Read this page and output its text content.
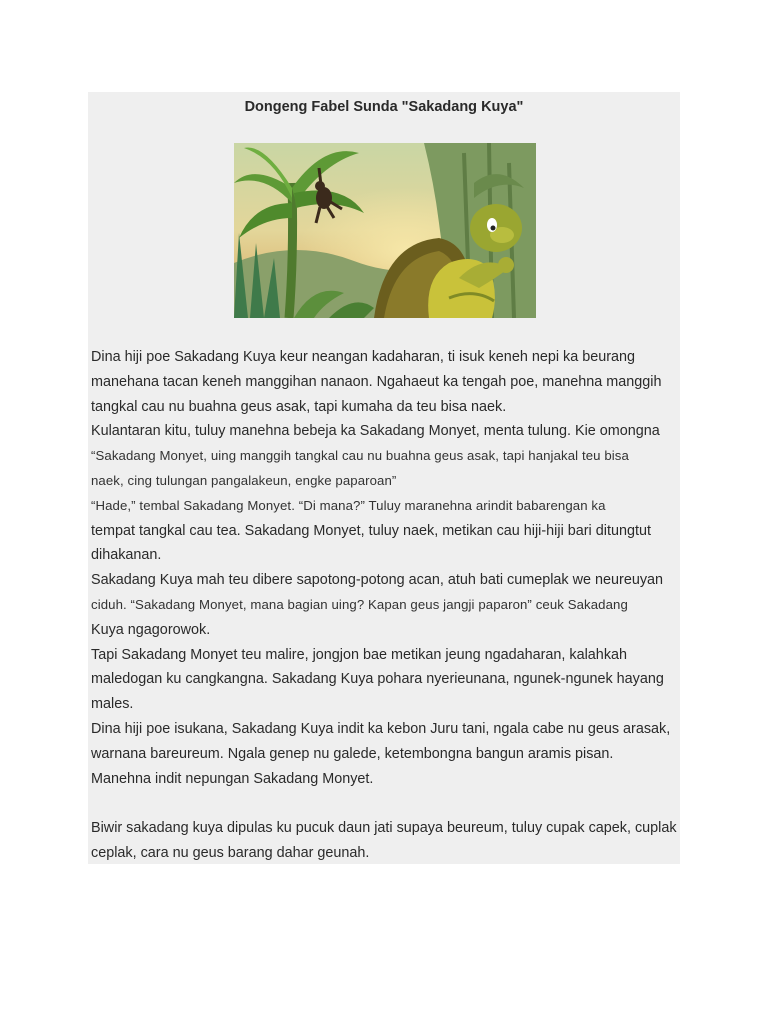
Dongeng Fabel Sunda "Sakadang Kuya"

Dina hiji poe Sakadang Kuya keur neangan kadaharan, ti isuk keneh nepi ka beurang

manehana tacan keneh manggihan nanaon. Ngahaeut ka tengah poe, manehna manggih

tangkal cau nu buahna geus asak, tapi kumaha da teu bisa naek.

Kulantaran kitu, tuluy manehna bebeja ka Sakadang Monyet, menta tulung. Kie omongna

“Sakadang Monyet, uing manggih tangkal cau nu buahna geus asak, tapi hanjakal teu bisa

naek, cing tulungan pangalakeun, engke paparoan”

“Hade,” tembal Sakadang Monyet. “Di mana?” Tuluy maranehna arindit babarengan ka

tempat tangkal cau tea. Sakadang Monyet, tuluy naek, metikan cau hiji-hiji bari ditungtut

dihakanan.

Sakadang Kuya mah teu dibere sapotong-potong acan, atuh bati cumeplak we neureuyan

ciduh. “Sakadang Monyet, mana bagian uing? Kapan geus jangji paparon” ceuk Sakadang

Kuya ngagorowok.

Tapi Sakadang Monyet teu malire, jongjon bae metikan jeung ngadaharan, kalahkah

maledogan ku cangkangna. Sakadang Kuya pohara nyerieunana, ngunek-ngunek hayang

males.

Dina hiji poe isukana, Sakadang Kuya indit ka kebon Juru tani, ngala cabe nu geus arasak,

warnana bareureum. Ngala genep nu galede, ketembongna bangun aramis pisan.

Manehna indit nepungan Sakadang Monyet.

Biwir sakadang kuya dipulas ku pucuk daun jati supaya beureum, tuluy cupak capek, cuplak

ceplak, cara nu geus barang dahar geunah.
